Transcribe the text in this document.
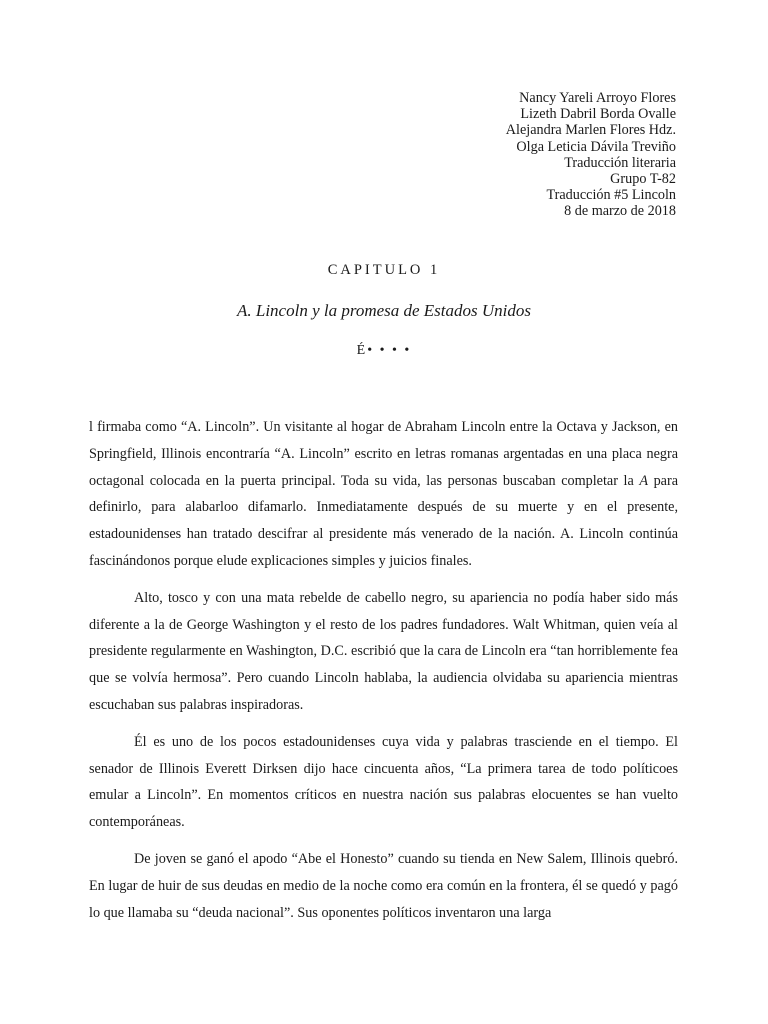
Nancy Yareli Arroyo Flores
Lizeth Dabril Borda Ovalle
Alejandra Marlen Flores Hdz.
Olga Leticia Dávila Treviño
Traducción literaria
Grupo T-82
Traducción #5 Lincoln
8 de marzo de 2018
CAPITULO 1
A. Lincoln y la promesa de Estados Unidos
É• • • •

l firmaba como “A. Lincoln”. Un visitante al hogar de Abraham Lincoln entre la Octava y Jackson, en Springfield, Illinois encontraría “A. Lincoln” escrito en letras romanas argentadas en una placa negra octagonal colocada en la puerta principal. Toda su vida, las personas buscaban completar la A para definirlo, para alabarloo difamarlo. Inmediatamente después de su muerte y en el presente, estadounidenses han tratado descifrar al presidente más venerado de la nación. A. Lincoln continúa fascinándonos porque elude explicaciones simples y juicios finales.

Alto, tosco y con una mata rebelde de cabello negro, su apariencia no podía haber sido más diferente a la de George Washington y el resto de los padres fundadores. Walt Whitman, quien veía al presidente regularmente en Washington, D.C. escribió que la cara de Lincoln era “tan horriblemente fea que se volvía hermosa”. Pero cuando Lincoln hablaba, la audiencia olvidaba su apariencia mientras escuchaban sus palabras inspiradoras.

Él es uno de los pocos estadounidenses cuya vida y palabras trasciende en el tiempo. El senador de Illinois Everett Dirksen dijo hace cincuenta años, “La primera tarea de todo políticoes emular a Lincoln”. En momentos críticos en nuestra nación sus palabras elocuentes se han vuelto contemporáneas.

De joven se ganó el apodo “Abe el Honesto” cuando su tienda en New Salem, Illinois quebró. En lugar de huir de sus deudas en medio de la noche como era común en la frontera, él se quedó y pagó lo que llamaba su “deuda nacional”. Sus oponentes políticos inventaron una larga
